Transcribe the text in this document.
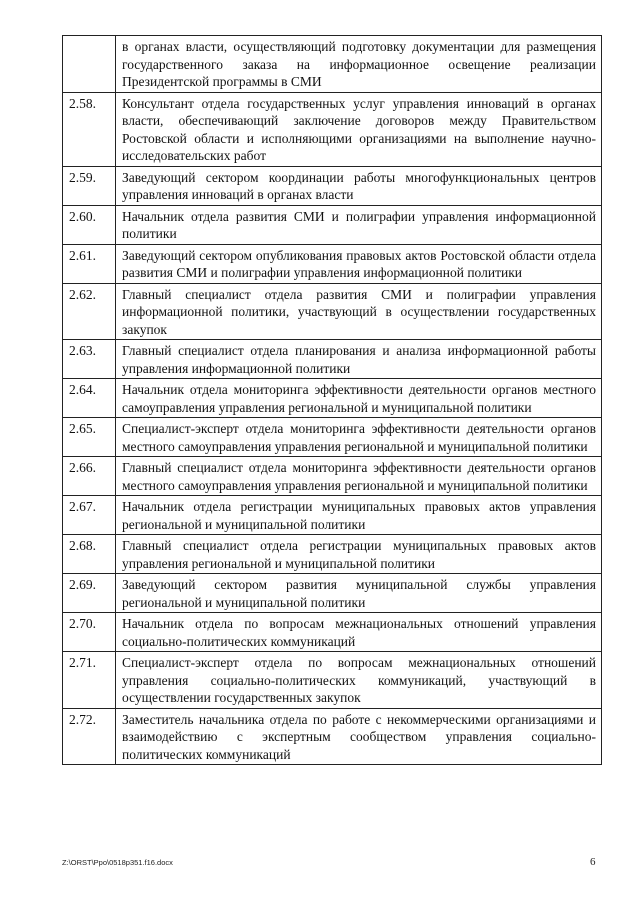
	в органах власти, осуществляющий подготовку документации для размещения государственного заказа на информационное освещение реализации Президентской программы в СМИ
2.58.	Консультант отдела государственных услуг управления инноваций в органах власти, обеспечивающий заключение договоров между Правительством Ростовской области и исполняющими организациями на выполнение научно-исследовательских работ
2.59.	Заведующий сектором координации работы многофункциональных центров управления инноваций в органах власти
2.60.	Начальник отдела развития СМИ и полиграфии управления информационной политики
2.61.	Заведующий сектором опубликования правовых актов Ростовской области отдела развития СМИ и полиграфии управления информационной политики
2.62.	Главный специалист отдела развития СМИ и полиграфии управления информационной политики, участвующий в осуществлении государственных закупок
2.63.	Главный специалист отдела планирования и анализа информационной работы управления информационной политики
2.64.	Начальник отдела мониторинга эффективности деятельности органов местного самоуправления управления региональной и муниципальной политики
2.65.	Специалист-эксперт отдела мониторинга эффективности деятельности органов местного самоуправления управления региональной и муниципальной политики
2.66.	Главный специалист отдела мониторинга эффективности деятельности органов местного самоуправления управления региональной и муниципальной политики
2.67.	Начальник отдела регистрации муниципальных правовых актов управления региональной и муниципальной политики
2.68.	Главный специалист отдела регистрации муниципальных правовых актов управления региональной и муниципальной политики
2.69.	Заведующий сектором развития муниципальной службы управления региональной и муниципальной политики
2.70.	Начальник отдела по вопросам межнациональных отношений управления социально-политических коммуникаций
2.71.	Специалист-эксперт отдела по вопросам межнациональных отношений управления социально-политических коммуникаций, участвующий в осуществлении государственных закупок
2.72.	Заместитель начальника отдела по работе с некоммерческими организациями и взаимодействию с экспертным сообществом управления социально-политических коммуникаций
Z:\ORST\Ppo\0518p351.f16.docx	6
